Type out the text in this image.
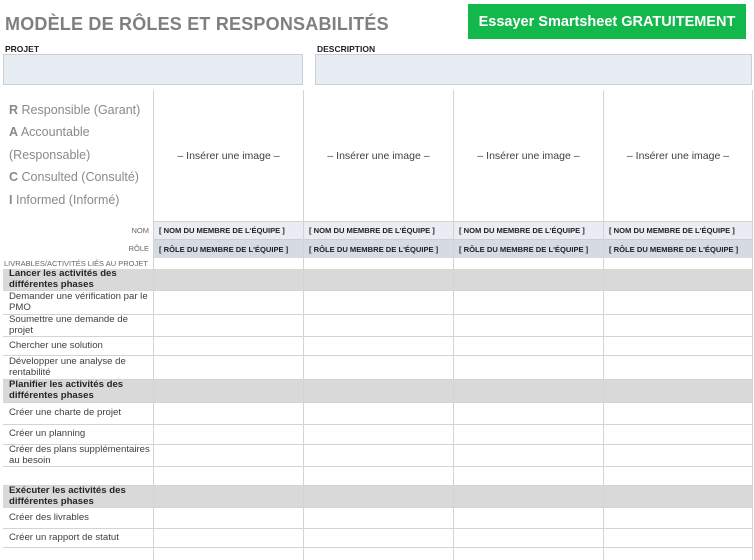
MODÈLE DE RÔLES ET RESPONSABILITÉS	Essayer Smartsheet GRATUITEMENT
PROJET	DESCRIPTION
R Responsible (Garant)
A Accountable
(Responsable)
C Consulted (Consulté)
I Informed (Informé)
NOM
RÔLE
LIVRABLES/ACTIVITÉS LIÉS AU PROJET
– Insérer une image –
[ NOM DU MEMBRE DE L'ÉQUIPE ]
[ RÔLE DU MEMBRE DE L'ÉQUIPE ]
– Insérer une image –
[ NOM DU MEMBRE DE L'ÉQUIPE ]
[ RÔLE DU MEMBRE DE L'ÉQUIPE ]
– Insérer une image –
[ NOM DU MEMBRE DE L'ÉQUIPE ]
[ RÔLE DU MEMBRE DE L'ÉQUIPE ]
– Insérer une image –
[ NOM DU MEMBRE DE L'ÉQUIPE ]
[ RÔLE DU MEMBRE DE L'ÉQUIPE ]
Lancer les activités des différentes phases
Demander une vérification par le PMO
Soumettre une demande de projet
Chercher une solution
Développer une analyse de rentabilité
Planifier les activités des différentes phases
Créer une charte de projet
Créer un planning
Créer des plans supplémentaires au besoin
Exécuter les activités des différentes phases
Créer des livrables
Créer un rapport de statut
